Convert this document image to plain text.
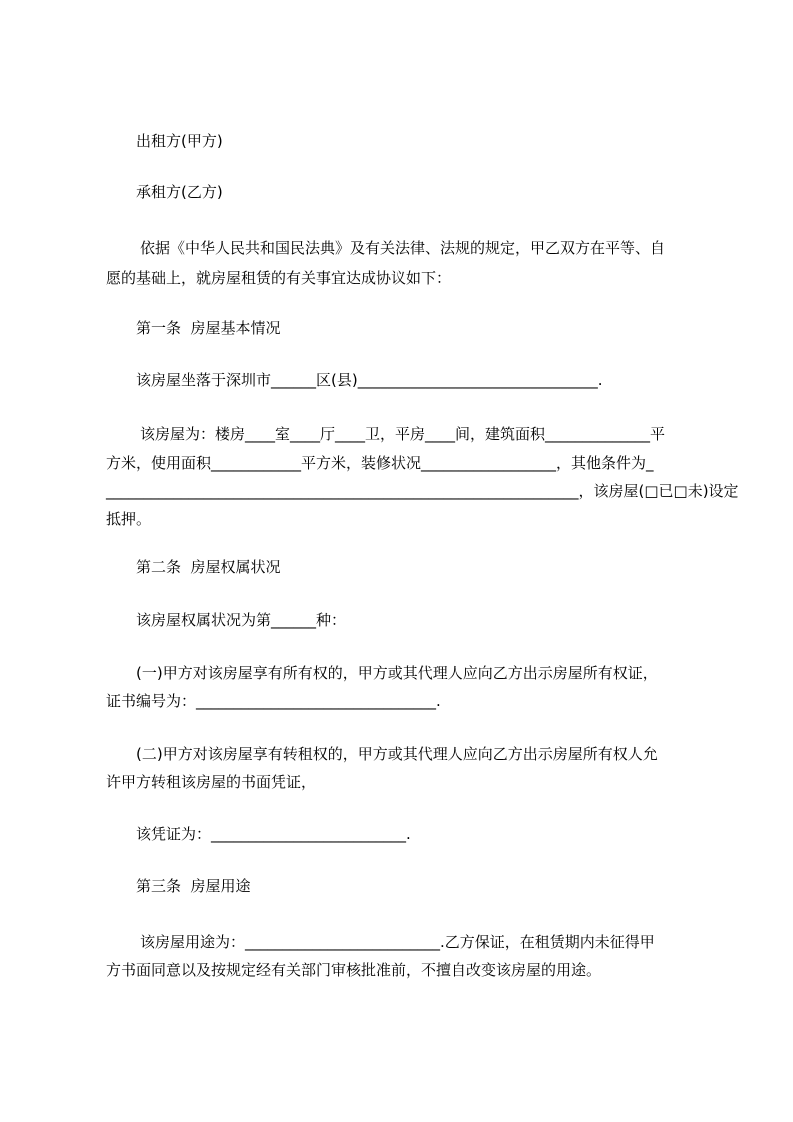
出租方(甲方)
承租方(乙方)
依据《中华人民共和国民法典》及有关法律、法规的规定，甲乙双方在平等、自
愿的基础上，就房屋租赁的有关事宜达成协议如下：
第一条  房屋基本情况
该房屋坐落于深圳市______区(县)________________________________.
该房屋为：楼房____室____厅____卫，平房____间，建筑面积______________平
方米，使用面积____________平方米，装修状况__________________，其他条件为_
_______________________________________________________________，该房屋(□已□未)设定
抵押。
第二条  房屋权属状况
该房屋权属状况为第______种：
(一)甲方对该房屋享有所有权的，甲方或其代理人应向乙方出示房屋所有权证，
证书编号为：________________________________.
(二)甲方对该房屋享有转租权的，甲方或其代理人应向乙方出示房屋所有权人允
许甲方转租该房屋的书面凭证，
该凭证为：__________________________.
第三条  房屋用途
该房屋用途为：__________________________.乙方保证，在租赁期内未征得甲
方书面同意以及按规定经有关部门审核批准前，不擅自改变该房屋的用途。
